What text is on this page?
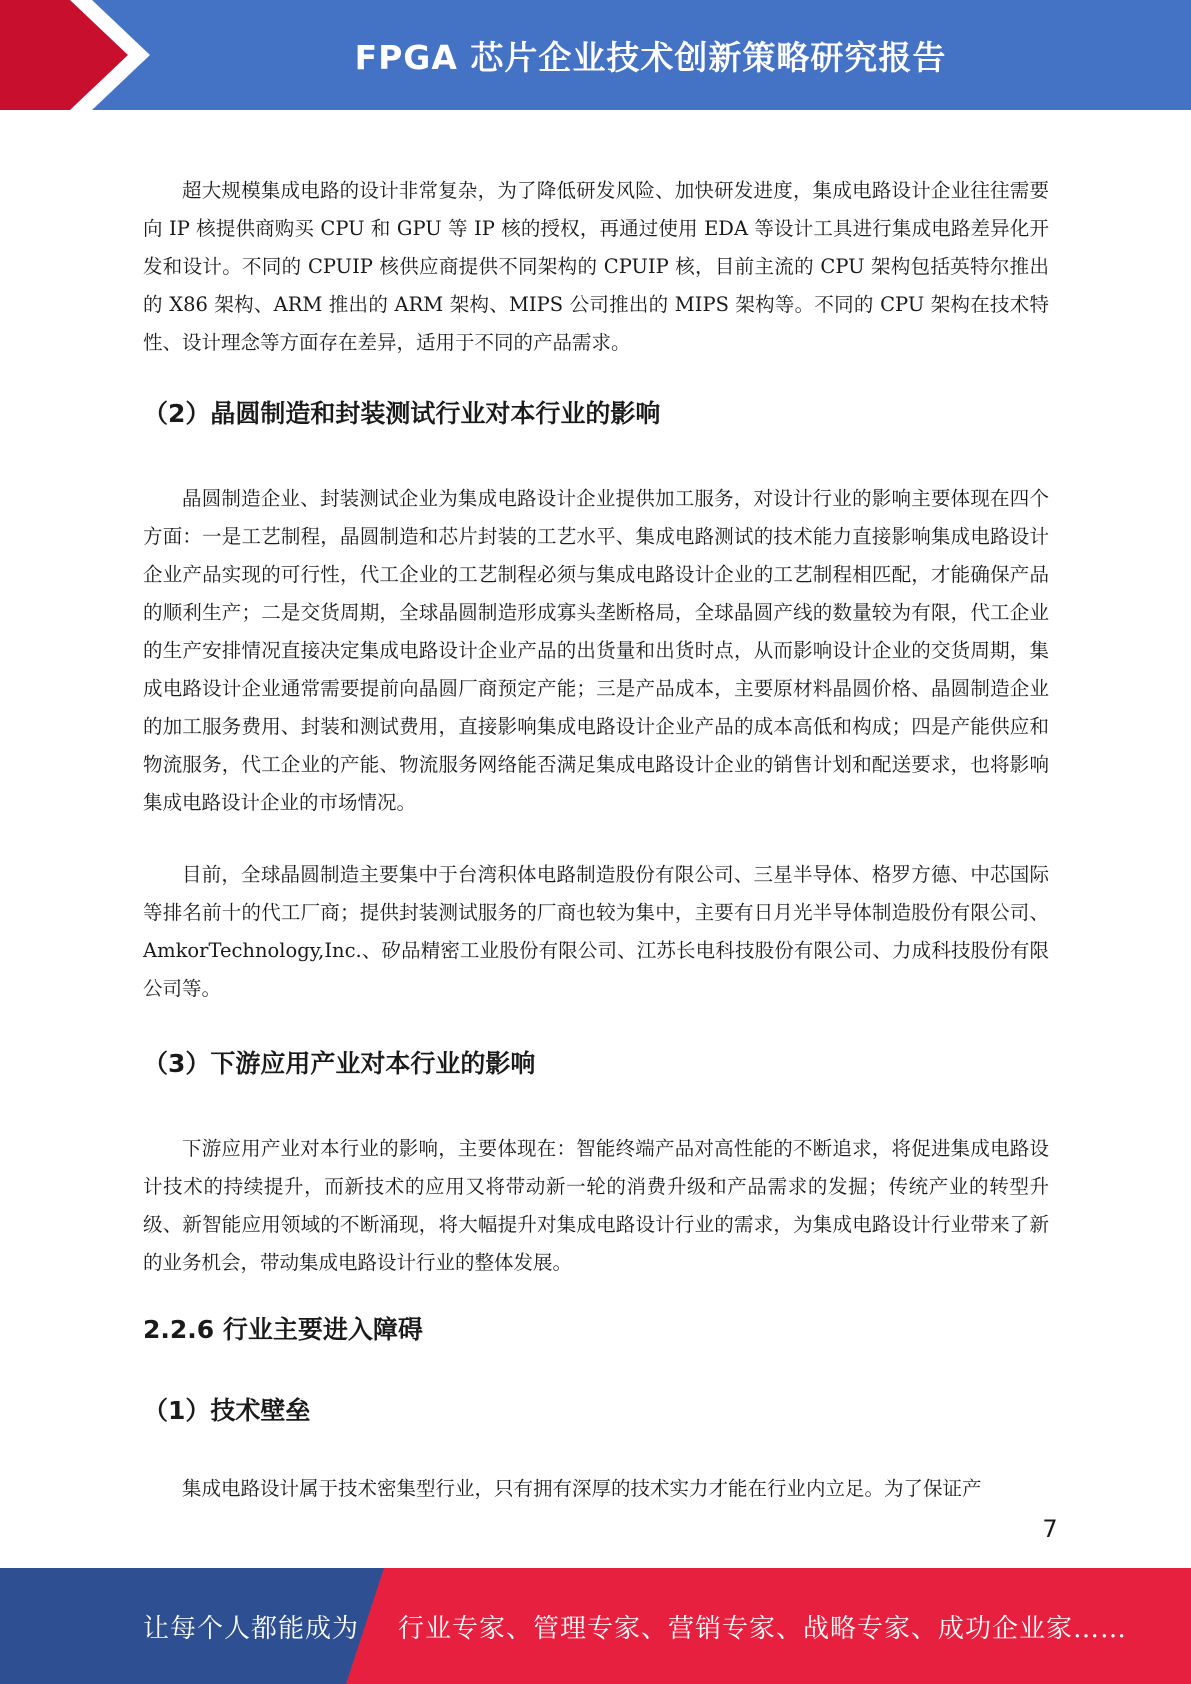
FPGA 芯片企业技术创新策略研究报告

超大规模集成电路的设计非常复杂，为了降低研发风险、加快研发进度，集成电路设计企业往往需要向 IP 核提供商购买 CPU 和 GPU 等 IP 核的授权，再通过使用 EDA 等设计工具进行集成电路差异化开发和设计。不同的 CPUIP 核供应商提供不同架构的 CPUIP 核，目前主流的 CPU 架构包括英特尔推出的 X86 架构、ARM 推出的 ARM 架构、MIPS 公司推出的 MIPS 架构等。不同的 CPU 架构在技术特性、设计理念等方面存在差异，适用于不同的产品需求。

（2）晶圆制造和封装测试行业对本行业的影响

晶圆制造企业、封装测试企业为集成电路设计企业提供加工服务，对设计行业的影响主要体现在四个方面：一是工艺制程，晶圆制造和芯片封装的工艺水平、集成电路测试的技术能力直接影响集成电路设计企业产品实现的可行性，代工企业的工艺制程必须与集成电路设计企业的工艺制程相匹配，才能确保产品的顺利生产；二是交货周期，全球晶圆制造形成寡头垄断格局，全球晶圆产线的数量较为有限，代工企业的生产安排情况直接决定集成电路设计企业产品的出货量和出货时点，从而影响设计企业的交货周期，集成电路设计企业通常需要提前向晶圆厂商预定产能；三是产品成本，主要原材料晶圆价格、晶圆制造企业的加工服务费用、封装和测试费用，直接影响集成电路设计企业产品的成本高低和构成；四是产能供应和物流服务，代工企业的产能、物流服务网络能否满足集成电路设计企业的销售计划和配送要求，也将影响集成电路设计企业的市场情况。

目前，全球晶圆制造主要集中于台湾积体电路制造股份有限公司、三星半导体、格罗方德、中芯国际等排名前十的代工厂商；提供封装测试服务的厂商也较为集中，主要有日月光半导体制造股份有限公司、AmkorTechnology,Inc.、矽品精密工业股份有限公司、江苏长电科技股份有限公司、力成科技股份有限公司等。

（3）下游应用产业对本行业的影响

下游应用产业对本行业的影响，主要体现在：智能终端产品对高性能的不断追求，将促进集成电路设计技术的持续提升，而新技术的应用又将带动新一轮的消费升级和产品需求的发掘；传统产业的转型升级、新智能应用领域的不断涌现，将大幅提升对集成电路设计行业的需求，为集成电路设计行业带来了新的业务机会，带动集成电路设计行业的整体发展。

2.2.6 行业主要进入障碍
（1）技术壁垒

集成电路设计属于技术密集型行业，只有拥有深厚的技术实力才能在行业内立足。为了保证产

7
让每个人都能成为 行业专家、管理专家、营销专家、战略专家、成功企业家……
